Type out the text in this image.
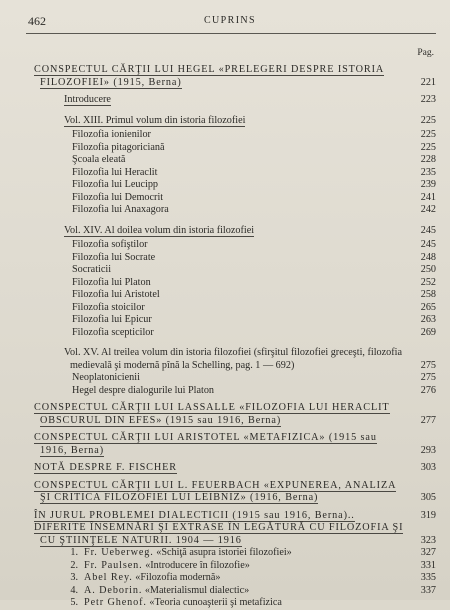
462	CUPRINS
Pag.
CONSPECTUL CĂRŢII LUI HEGEL «PRELEGERI DESPRE ISTORIA FILOZOFIEI» (1915, Berna)	221
Introducere	223
Vol. XIII. Primul volum din istoria filozofiei	225
Filozofia ionienilor	225
Filozofia pitagoriciană	225
Şcoala eleată	228
Filozofia lui Heraclit	235
Filozofia lui Leucipp	239
Filozofia lui Democrit	241
Filozofia lui Anaxagora	242
Vol. XIV. Al doilea volum din istoria filozofiei	245
Filozofia sofiştilor	245
Filozofia lui Socrate	248
Socraticii	250
Filozofia lui Platon	252
Filozofia lui Aristotel	258
Filozofia stoicilor	265
Filozofia lui Epicur	263
Filozofia scepticilor	269
Vol. XV. Al treilea volum din istoria filozofiei (sfirşitul filozofiei greceşti, filozofia medievală şi modernă pînă la Schelling, pag. 1 — 692)	275
Neoplatonicienii	275
Hegel despre dialogurile lui Platon	276
CONSPECTUL CĂRŢII LUI LASSALLE «FILOZOFIA LUI HERACLIT OBSCURUL DIN EFES» (1915 sau 1916, Berna)	277
CONSPECTUL CĂRŢII LUI ARISTOTEL «METAFIZICA» (1915 sau 1916, Berna)	293
NOTĂ DESPRE F. FISCHER	303
CONSPECTUL CĂRŢII LUI L. FEUERBACH «EXPUNEREA, ANALIZA ŞI CRITICA FILOZOFIEI LUI LEIBNIZ» (1916, Berna)	305
ÎN JURUL PROBLEMEI DIALECTICII (1915 sau 1916, Berna)..	319
DIFERITE ÎNSEMNĂRI ŞI EXTRASE ÎN LEGĂTURĂ CU FILOZOFIA ŞI CU ŞTIINŢELE NATURII. 1904 — 1916	323
1. Fr. Ueberweg. «Schiţă asupra istoriei filozofiei»	327
2. Fr. Paulsen. «Introducere în filozofie»	331
3. Abel Rey. «Filozofia modernă»	335
4. A. Deborin. «Materialismul dialectic»	337
5. Petr Ghenof. «Teoria cunoaşterii şi metafizica
